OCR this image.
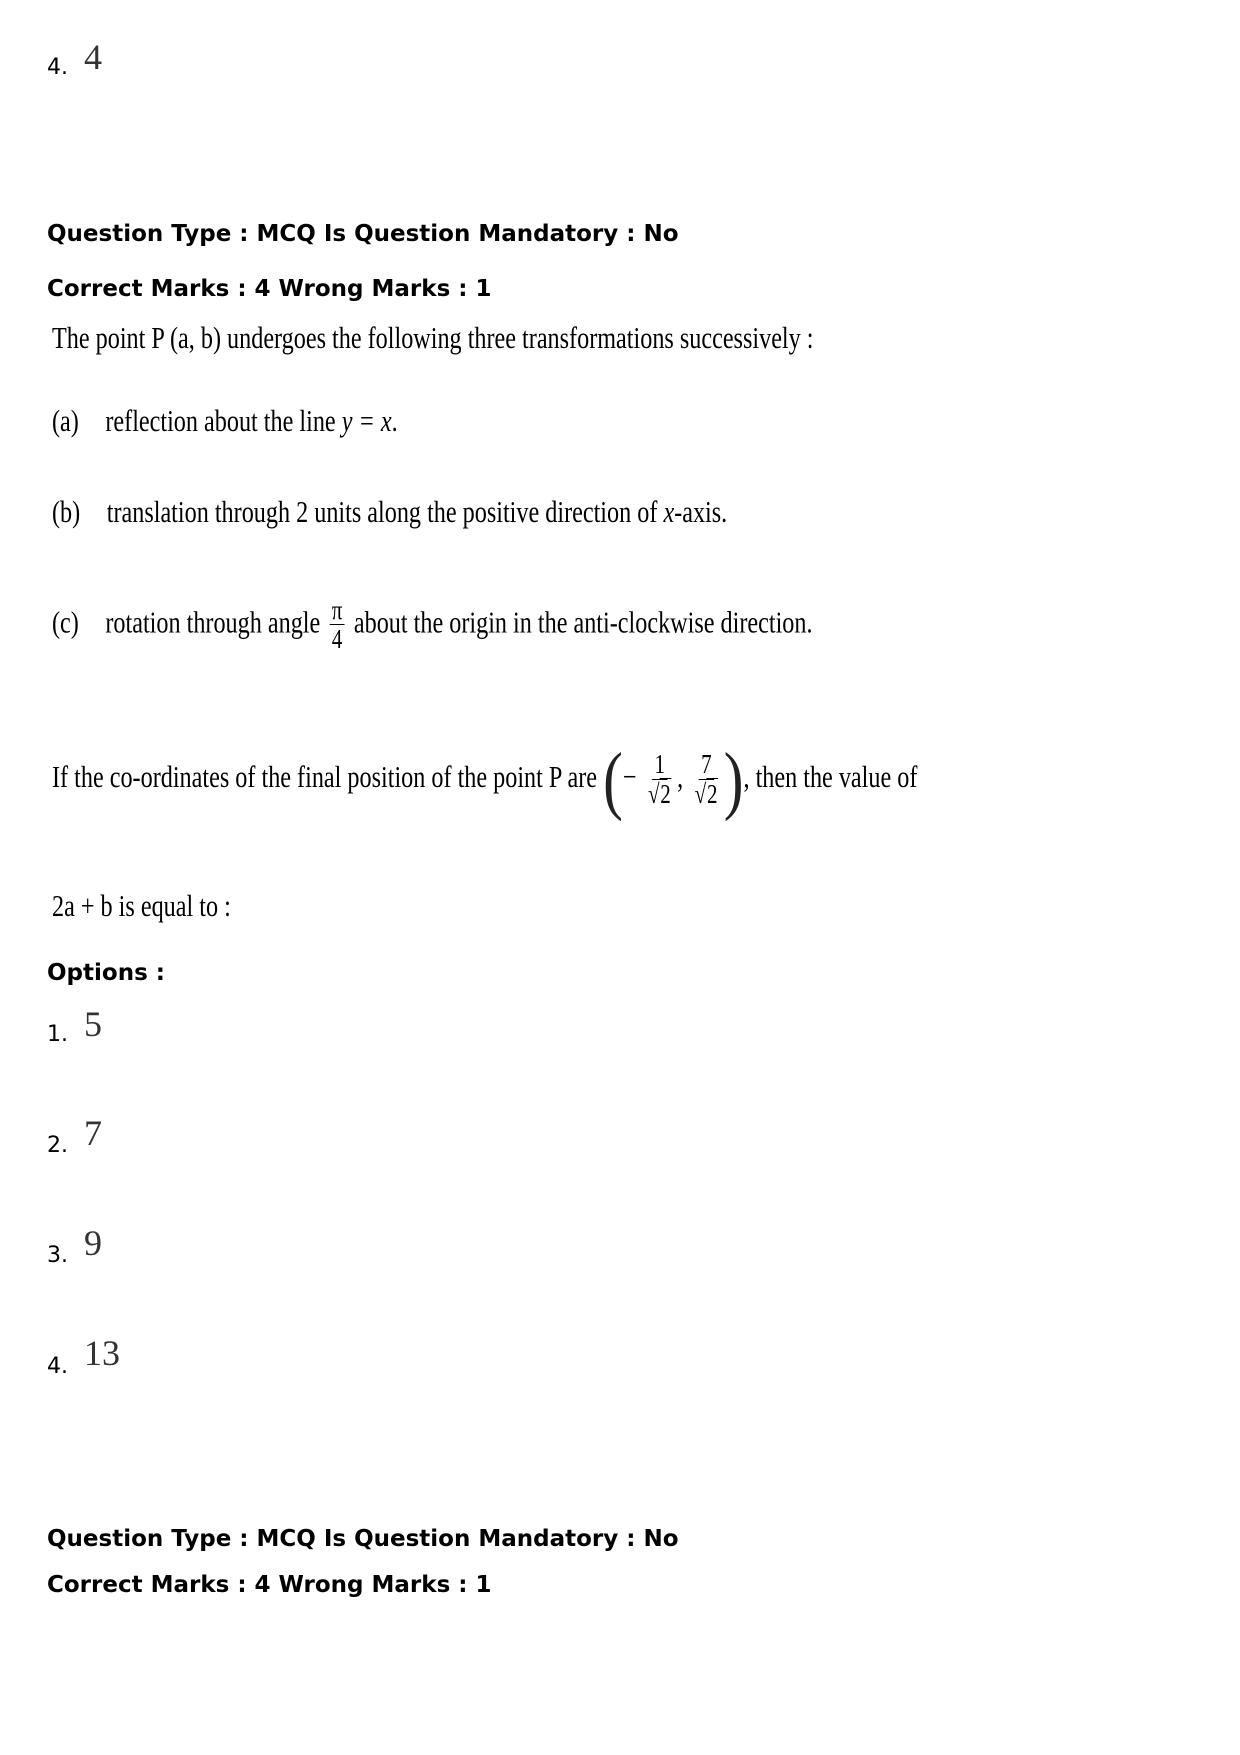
4. 4
Question Type : MCQ Is Question Mandatory : No
Correct Marks : 4 Wrong Marks : 1
The point P (a, b) undergoes the following three transformations successively :
(a) reflection about the line y = x.
(b) translation through 2 units along the positive direction of x-axis.
(c) rotation through angle $\frac{\pi}{4}$ about the origin in the anti-clockwise direction.
If the co-ordinates of the final position of the point P are (− $\frac{1}{√2}$ , $\frac{7}{√2}$ ), then the value of
2a + b is equal to :
Options :
1. 5
2. 7
3. 9
4. 13
Question Type : MCQ Is Question Mandatory : No
Correct Marks : 4 Wrong Marks : 1
